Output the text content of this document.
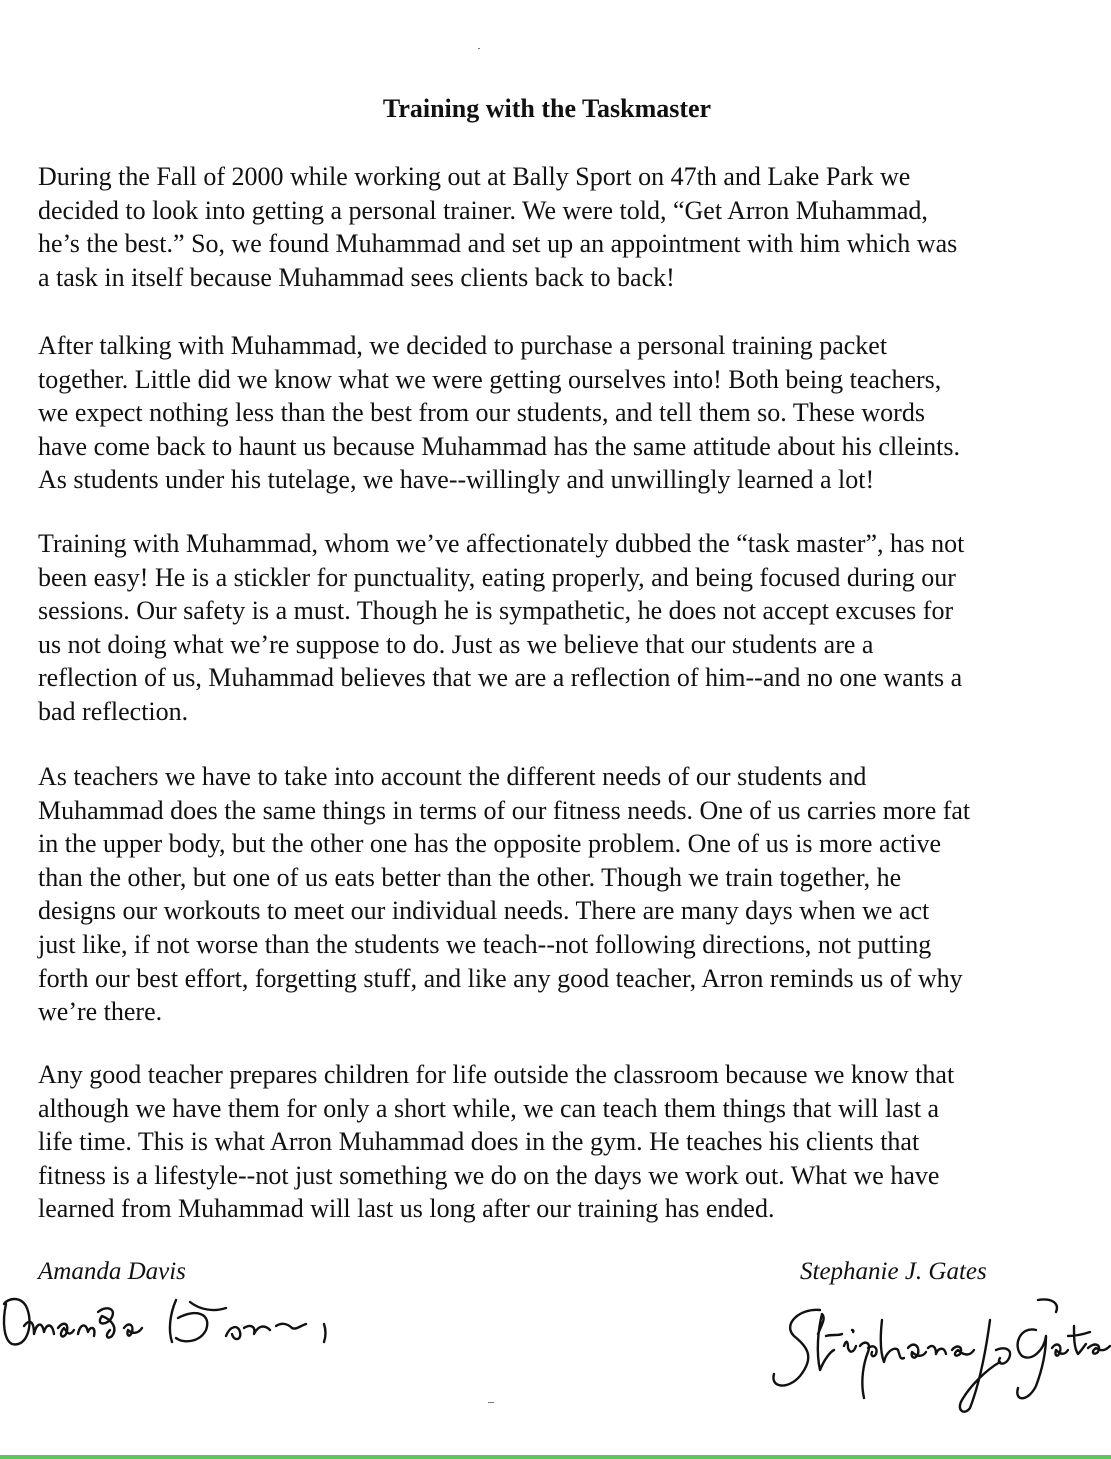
Training with the Taskmaster

During the Fall of 2000 while working out at Bally Sport on 47th and Lake Park we
decided to look into getting a personal trainer. We were told, “Get Arron Muhammad,
he’s the best.” So, we found Muhammad and set up an appointment with him which was
a task in itself because Muhammad sees clients back to back!

After talking with Muhammad, we decided to purchase a personal training packet
together. Little did we know what we were getting ourselves into! Both being teachers,
we expect nothing less than the best from our students, and tell them so. These words
have come back to haunt us because Muhammad has the same attitude about his clleints.
As students under his tutelage, we have--willingly and unwillingly learned a lot!

Training with Muhammad, whom we’ve affectionately dubbed the “task master”, has not
been easy! He is a stickler for punctuality, eating properly, and being focused during our
sessions. Our safety is a must. Though he is sympathetic, he does not accept excuses for
us not doing what we’re suppose to do. Just as we believe that our students are a
reflection of us, Muhammad believes that we are a reflection of him--and no one wants a
bad reflection.

As teachers we have to take into account the different needs of our students and
Muhammad does the same things in terms of our fitness needs. One of us carries more fat
in the upper body, but the other one has the opposite problem. One of us is more active
than the other, but one of us eats better than the other. Though we train together, he
designs our workouts to meet our individual needs. There are many days when we act
just like, if not worse than the students we teach--not following directions, not putting
forth our best effort, forgetting stuff, and like any good teacher, Arron reminds us of why
we’re there.

Any good teacher prepares children for life outside the classroom because we know that
although we have them for only a short while, we can teach them things that will last a
life time. This is what Arron Muhammad does in the gym. He teaches his clients that
fitness is a lifestyle--not just something we do on the days we work out. What we have
learned from Muhammad will last us long after our training has ended.

Amanda Davis	Stephanie J. Gates
